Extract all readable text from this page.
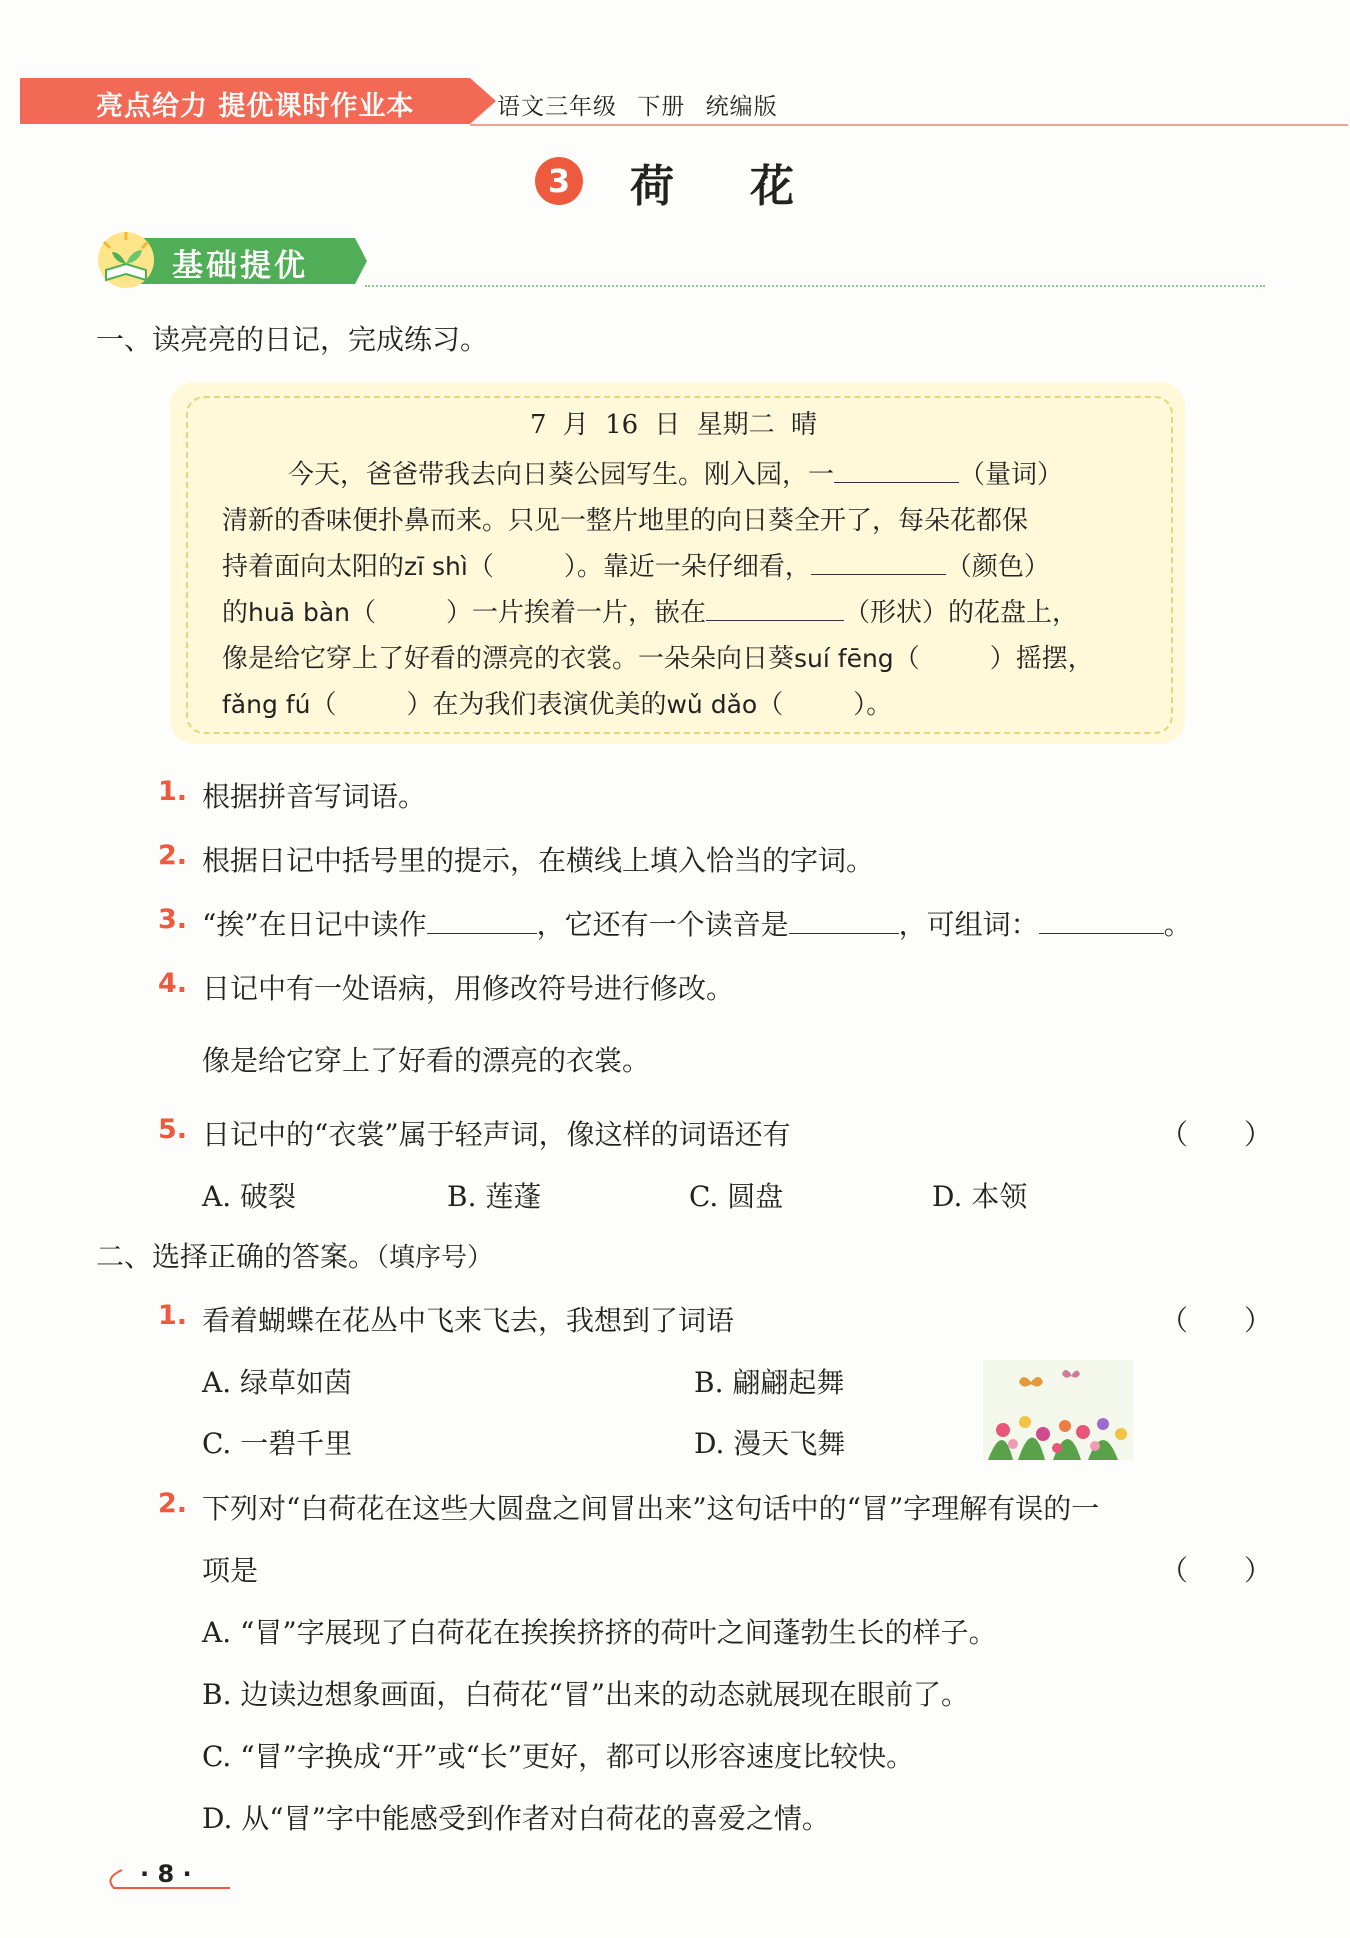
亮点给力 提优课时作业本	语文三年级 下册 统编版
3 荷花
基础提优
一、读亮亮的日记，完成练习。
7 月 16 日 星期二 晴
今天，爸爸带我去向日葵公园写生。刚入园，一	（量词）
清新的香味便扑鼻而来。只见一整片地里的向日葵全开了，每朵花都保
持着面向太阳的zī shì（	）。靠近一朵仔细看，	（颜色）
的huā bàn（	）一片挨着一片，嵌在	（形状）的花盘上，
像是给它穿上了好看的漂亮的衣裳。一朵朵向日葵suí fēng（	）摇摆，
fǎng fú（	）在为我们表演优美的wǔ dǎo（	）。
1. 根据拼音写词语。
2. 根据日记中括号里的提示，在横线上填入恰当的字词。
3. “挨”在日记中读作	，它还有一个读音是	，可组词：	。
4. 日记中有一处语病，用修改符号进行修改。
像是给它穿上了好看的漂亮的衣裳。
5. 日记中的“衣裳”属于轻声词，像这样的词语还有	（　　）
A. 破裂	B. 莲蓬	C. 圆盘	D. 本领
二、选择正确的答案。（填序号）
1. 看着蝴蝶在花丛中飞来飞去，我想到了词语	（　　）
A. 绿草如茵	B. 翩翩起舞
C. 一碧千里	D. 漫天飞舞
2. 下列对“白荷花在这些大圆盘之间冒出来”这句话中的“冒”字理解有误的一
项是	（　　）
A. “冒”字展现了白荷花在挨挨挤挤的荷叶之间蓬勃生长的样子。
B. 边读边想象画面，白荷花“冒”出来的动态就展现在眼前了。
C. “冒”字换成“开”或“长”更好，都可以形容速度比较快。
D. 从“冒”字中能感受到作者对白荷花的喜爱之情。
· 8 ·
